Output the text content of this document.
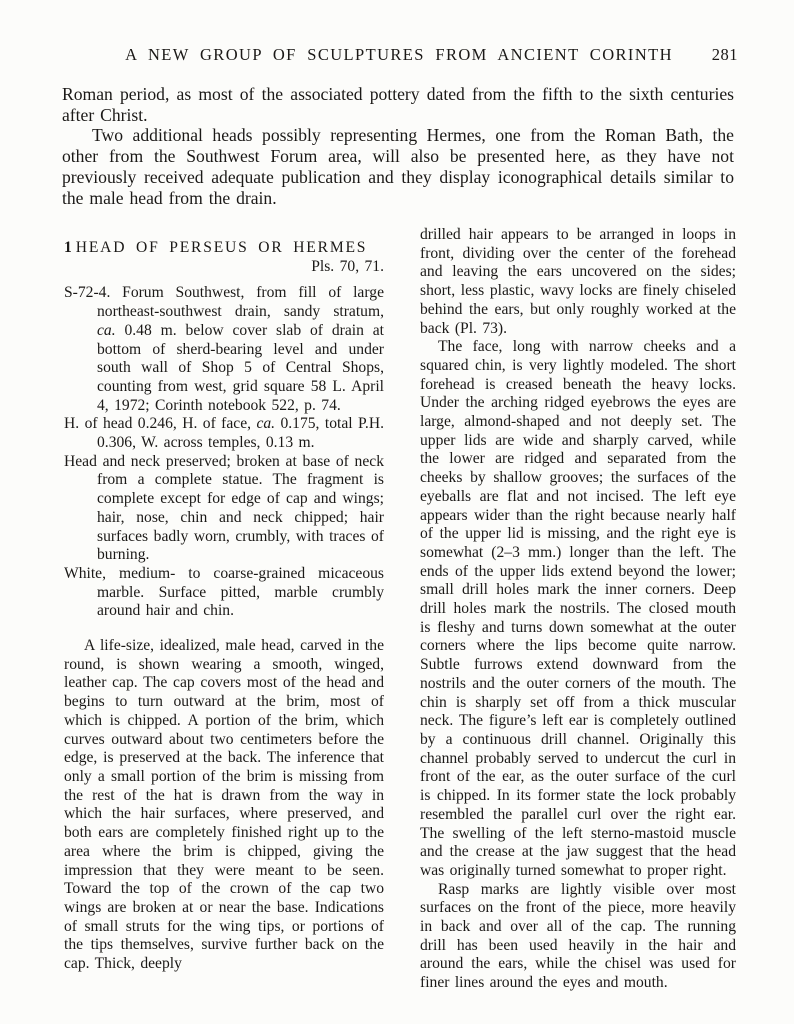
A NEW GROUP OF SCULPTURES FROM ANCIENT CORINTH 281

Roman period, as most of the associated pottery dated from the fifth to the sixth centuries after Christ.

Two additional heads possibly representing Hermes, one from the Roman Bath, the other from the Southwest Forum area, will also be presented here, as they have not previously received adequate publication and they display iconographical details similar to the male head from the drain.

1 HEAD OF PERSEUS OR HERMES

Pls. 70, 71.

S-72-4. Forum Southwest, from fill of large northeast-southwest drain, sandy stratum, ca. 0.48 m. below cover slab of drain at bottom of sherd-bearing level and under south wall of Shop 5 of Central Shops, counting from west, grid square 58 L. April 4, 1972; Corinth notebook 522, p. 74.

H. of head 0.246, H. of face, ca. 0.175, total P.H. 0.306, W. across temples, 0.13 m.

Head and neck preserved; broken at base of neck from a complete statue. The fragment is complete except for edge of cap and wings; hair, nose, chin and neck chipped; hair surfaces badly worn, crumbly, with traces of burning.

White, medium- to coarse-grained micaceous marble. Surface pitted, marble crumbly around hair and chin.

A life-size, idealized, male head, carved in the round, is shown wearing a smooth, winged, leather cap. The cap covers most of the head and begins to turn outward at the brim, most of which is chipped. A portion of the brim, which curves outward about two centimeters before the edge, is preserved at the back. The inference that only a small portion of the brim is missing from the rest of the hat is drawn from the way in which the hair surfaces, where preserved, and both ears are completely finished right up to the area where the brim is chipped, giving the impression that they were meant to be seen. Toward the top of the crown of the cap two wings are broken at or near the base. Indications of small struts for the wing tips, or portions of the tips themselves, survive further back on the cap. Thick, deeply

drilled hair appears to be arranged in loops in front, dividing over the center of the forehead and leaving the ears uncovered on the sides; short, less plastic, wavy locks are finely chiseled behind the ears, but only roughly worked at the back (Pl. 73).

The face, long with narrow cheeks and a squared chin, is very lightly modeled. The short forehead is creased beneath the heavy locks. Under the arching ridged eyebrows the eyes are large, almond-shaped and not deeply set. The upper lids are wide and sharply carved, while the lower are ridged and separated from the cheeks by shallow grooves; the surfaces of the eyeballs are flat and not incised. The left eye appears wider than the right because nearly half of the upper lid is missing, and the right eye is somewhat (2–3 mm.) longer than the left. The ends of the upper lids extend beyond the lower; small drill holes mark the inner corners. Deep drill holes mark the nostrils. The closed mouth is fleshy and turns down somewhat at the outer corners where the lips become quite narrow. Subtle furrows extend downward from the nostrils and the outer corners of the mouth. The chin is sharply set off from a thick muscular neck. The figure’s left ear is completely outlined by a continuous drill channel. Originally this channel probably served to undercut the curl in front of the ear, as the outer surface of the curl is chipped. In its former state the lock probably resembled the parallel curl over the right ear. The swelling of the left sterno-mastoid muscle and the crease at the jaw suggest that the head was originally turned somewhat to proper right.

Rasp marks are lightly visible over most surfaces on the front of the piece, more heavily in back and over all of the cap. The running drill has been used heavily in the hair and around the ears, while the chisel was used for finer lines around the eyes and mouth.
